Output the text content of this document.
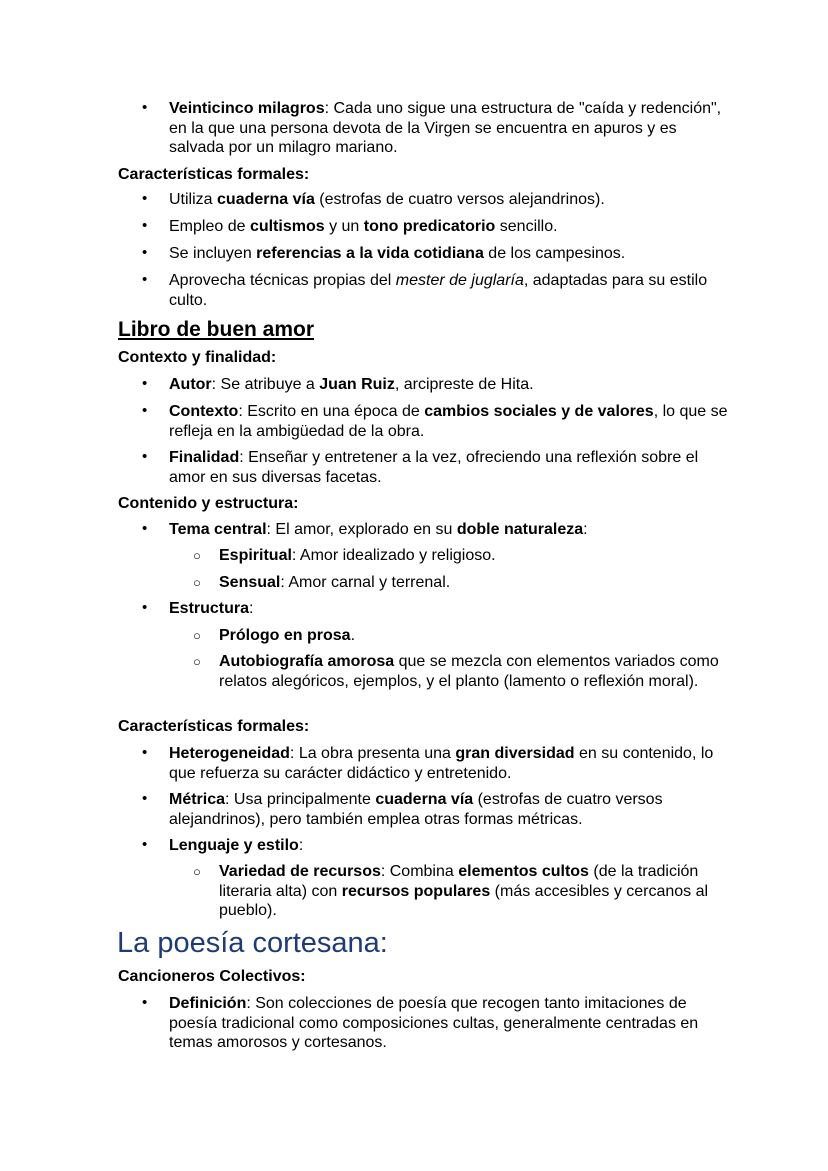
• Veinticinco milagros: Cada uno sigue una estructura de "caída y redención", en la que una persona devota de la Virgen se encuentra en apuros y es salvada por un milagro mariano.

Características formales:

• Utiliza cuaderna vía (estrofas de cuatro versos alejandrinos).

• Empleo de cultismos y un tono predicatorio sencillo.

• Se incluyen referencias a la vida cotidiana de los campesinos.

• Aprovecha técnicas propias del mester de juglaría, adaptadas para su estilo culto.

Libro de buen amor

Contexto y finalidad:

• Autor: Se atribuye a Juan Ruiz, arcipreste de Hita.

• Contexto: Escrito en una época de cambios sociales y de valores, lo que se refleja en la ambigüedad de la obra.

• Finalidad: Enseñar y entretener a la vez, ofreciendo una reflexión sobre el amor en sus diversas facetas.

Contenido y estructura:

• Tema central: El amor, explorado en su doble naturaleza:

○ Espiritual: Amor idealizado y religioso.

○ Sensual: Amor carnal y terrenal.

• Estructura:

○ Prólogo en prosa.

○ Autobiografía amorosa que se mezcla con elementos variados como relatos alegóricos, ejemplos, y el planto (lamento o reflexión moral).

Características formales:

• Heterogeneidad: La obra presenta una gran diversidad en su contenido, lo que refuerza su carácter didáctico y entretenido.

• Métrica: Usa principalmente cuaderna vía (estrofas de cuatro versos alejandrinos), pero también emplea otras formas métricas.

• Lenguaje y estilo:

○ Variedad de recursos: Combina elementos cultos (de la tradición literaria alta) con recursos populares (más accesibles y cercanos al pueblo).

La poesía cortesana:

Cancioneros Colectivos:

• Definición: Son colecciones de poesía que recogen tanto imitaciones de poesía tradicional como composiciones cultas, generalmente centradas en temas amorosos y cortesanos.
